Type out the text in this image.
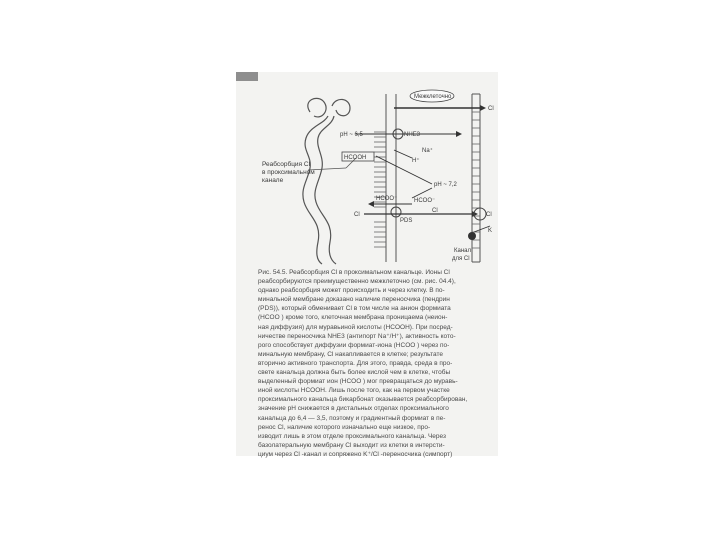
Межклеточно
Cl
pH ~ 6,5	NHE3
Na⁺
H⁺
HCOOH
pH ~ 7,2
HCOO⁻
HCOO⁻
Cl
PDS
Cl
Cl
K
Канал
для Cl
Реабсорбция Cl
в проксимальном
канале
Рис. 54.5. Реабсорбция Cl в проксимальном канальце. Ионы Cl
реабсорбируются преимущественно межклеточно (см. рис. 04.4),
однако реабсорбция может происходить и через клетку. В по-
минальной мембране доказано наличие переносчика (пендрин
(PDS)), который обменивает Cl в том числе на анион формиата
(HCOO ) кроме того, клеточная мембрана проницаема (неион-
ная диффузия) для муравьиной кислоты (HCOOH). При посред-
ничестве переносчика NHE3 (антипорт Na⁺/H⁺), активность кото-
рого способствует диффузии формиат-иона (HCOO ) через по-
минальную мембрану, Cl накапливается в клетке; результате
вторично активного транспорта. Для этого, правда, среда в про-
свете канальца должна быть более кислой чем в клетке, чтобы
выделенный формиат ион (HCOO ) мог превращаться до муравь-
иной кислоты HCOOH. Лишь после того, как на первом участке
проксимального канальца бикарбонат оказывается реабсорбирован,
значение pH снижается в дистальных отделах проксимального
канальца до 6,4 — 3,5, поэтому и градиентный формиат в пе-
ренос Cl, наличие которого изначально еще низкое, про-
изводит лишь в этом отделе проксимального канальца. Через
базолатеральную мембрану Cl выходит из клетки в интерсти-
циум через Cl -канал и сопряжено K⁺/Cl -переносчика (симпорт)
